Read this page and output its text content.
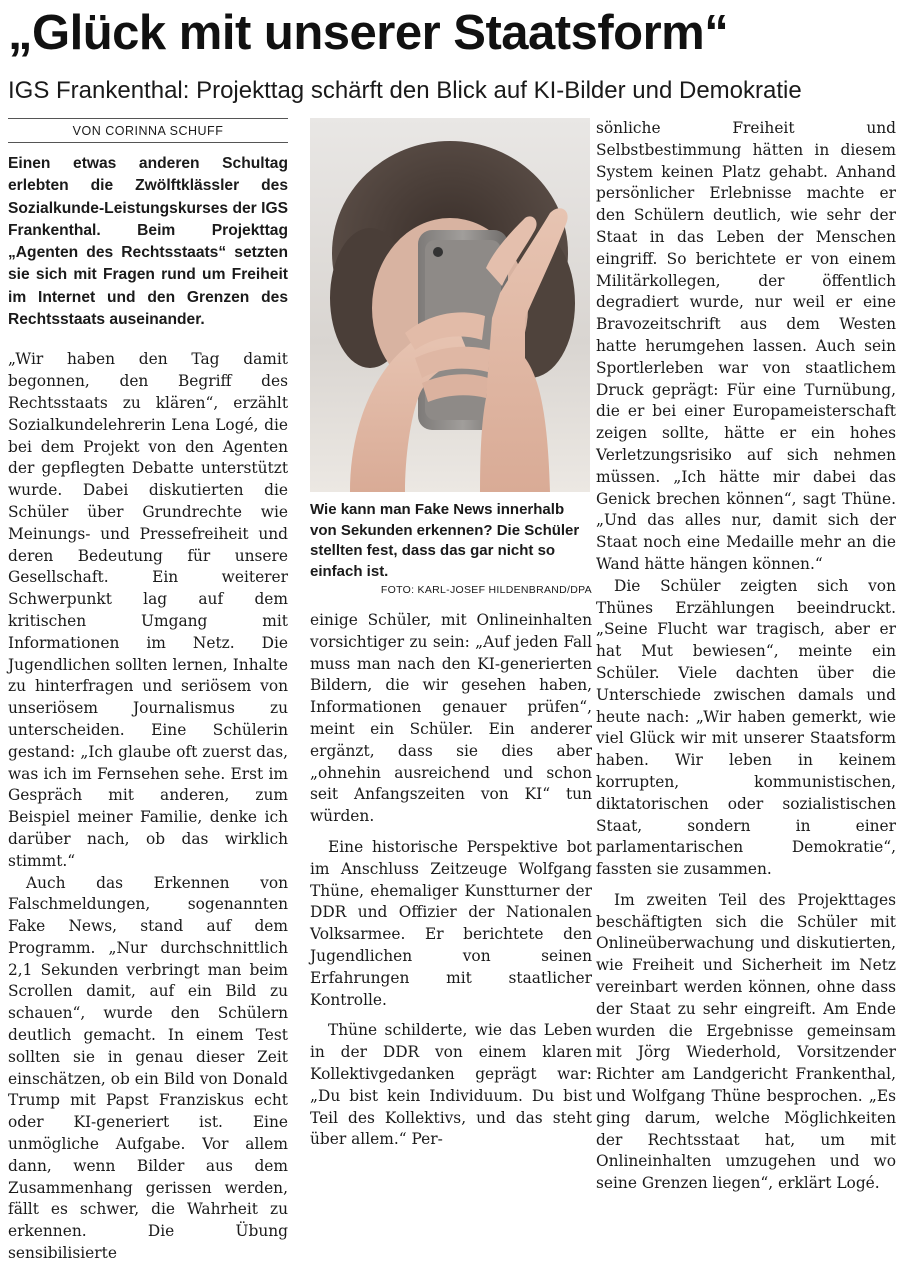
„Glück mit unserer Staatsform“
IGS Frankenthal: Projekttag schärft den Blick auf KI-Bilder und Demokratie
VON CORINNA SCHUFF
Einen etwas anderen Schultag erlebten die Zwölftklässler des Sozialkunde-Leistungskurses der IGS Frankenthal. Beim Projekttag „Agenten des Rechtsstaats“ setzten sie sich mit Fragen rund um Freiheit im Internet und den Grenzen des Rechtsstaats auseinander.

„Wir haben den Tag damit begonnen, den Begriff des Rechtsstaats zu klären“, erzählt Sozialkundelehrerin Lena Logé, die bei dem Projekt von den Agenten der gepflegten Debatte unterstützt wurde. Dabei diskutierten die Schüler über Grundrechte wie Meinungs- und Pressefreiheit und deren Bedeutung für unsere Gesellschaft. Ein weiterer Schwerpunkt lag auf dem kritischen Umgang mit Informationen im Netz. Die Jugendlichen sollten lernen, Inhalte zu hinterfragen und seriösem von unseriösem Journalismus zu unterscheiden. Eine Schülerin gestand: „Ich glaube oft zuerst das, was ich im Fernsehen sehe. Erst im Gespräch mit anderen, zum Beispiel meiner Familie, denke ich darüber nach, ob das wirklich stimmt.“

Auch das Erkennen von Falschmeldungen, sogenannten Fake News, stand auf dem Programm. „Nur durchschnittlich 2,1 Sekunden verbringt man beim Scrollen damit, auf ein Bild zu schauen“, wurde den Schülern deutlich gemacht. In einem Test sollten sie in genau dieser Zeit einschätzen, ob ein Bild von Donald Trump mit Papst Franziskus echt oder KI-generiert ist. Eine unmögliche Aufgabe. Vor allem dann, wenn Bilder aus dem Zusammenhang gerissen werden, fällt es schwer, die Wahrheit zu erkennen. Die Übung sensibilisierte

Wie kann man Fake News innerhalb von Sekunden erkennen? Die Schüler stellten fest, dass das gar nicht so einfach ist.
FOTO: KARL-JOSEF HILDENBRAND/DPA

einige Schüler, mit Onlineinhalten vorsichtiger zu sein: „Auf jeden Fall muss man nach den KI-generierten Bildern, die wir gesehen haben, Informationen genauer prüfen“, meint ein Schüler. Ein anderer ergänzt, dass sie dies aber „ohnehin ausreichend und schon seit Anfangszeiten von KI“ tun würden.

Eine historische Perspektive bot im Anschluss Zeitzeuge Wolfgang Thüne, ehemaliger Kunstturner der DDR und Offizier der Nationalen Volksarmee. Er berichtete den Jugendlichen von seinen Erfahrungen mit staatlicher Kontrolle.

Thüne schilderte, wie das Leben in der DDR von einem klaren Kollektivgedanken geprägt war: „Du bist kein Individuum. Du bist Teil des Kollektivs, und das steht über allem.“ Per-

sönliche Freiheit und Selbstbestimmung hätten in diesem System keinen Platz gehabt. Anhand persönlicher Erlebnisse machte er den Schülern deutlich, wie sehr der Staat in das Leben der Menschen eingriff. So berichtete er von einem Militärkollegen, der öffentlich degradiert wurde, nur weil er eine Bravozeitschrift aus dem Westen hatte herumgehen lassen. Auch sein Sportlerleben war von staatlichem Druck geprägt: Für eine Turnübung, die er bei einer Europameisterschaft zeigen sollte, hätte er ein hohes Verletzungsrisiko auf sich nehmen müssen. „Ich hätte mir dabei das Genick brechen können“, sagt Thüne. „Und das alles nur, damit sich der Staat noch eine Medaille mehr an die Wand hätte hängen können.“

Die Schüler zeigten sich von Thünes Erzählungen beeindruckt. „Seine Flucht war tragisch, aber er hat Mut bewiesen“, meinte ein Schüler. Viele dachten über die Unterschiede zwischen damals und heute nach: „Wir haben gemerkt, wie viel Glück wir mit unserer Staatsform haben. Wir leben in keinem korrupten, kommunistischen, diktatorischen oder sozialistischen Staat, sondern in einer parlamentarischen Demokratie“, fassten sie zusammen.

Im zweiten Teil des Projekttages beschäftigten sich die Schüler mit Onlineüberwachung und diskutierten, wie Freiheit und Sicherheit im Netz vereinbart werden können, ohne dass der Staat zu sehr eingreift. Am Ende wurden die Ergebnisse gemeinsam mit Jörg Wiederhold, Vorsitzender Richter am Landgericht Frankenthal, und Wolfgang Thüne besprochen. „Es ging darum, welche Möglichkeiten der Rechtsstaat hat, um mit Onlineinhalten umzugehen und wo seine Grenzen liegen“, erklärt Logé.
